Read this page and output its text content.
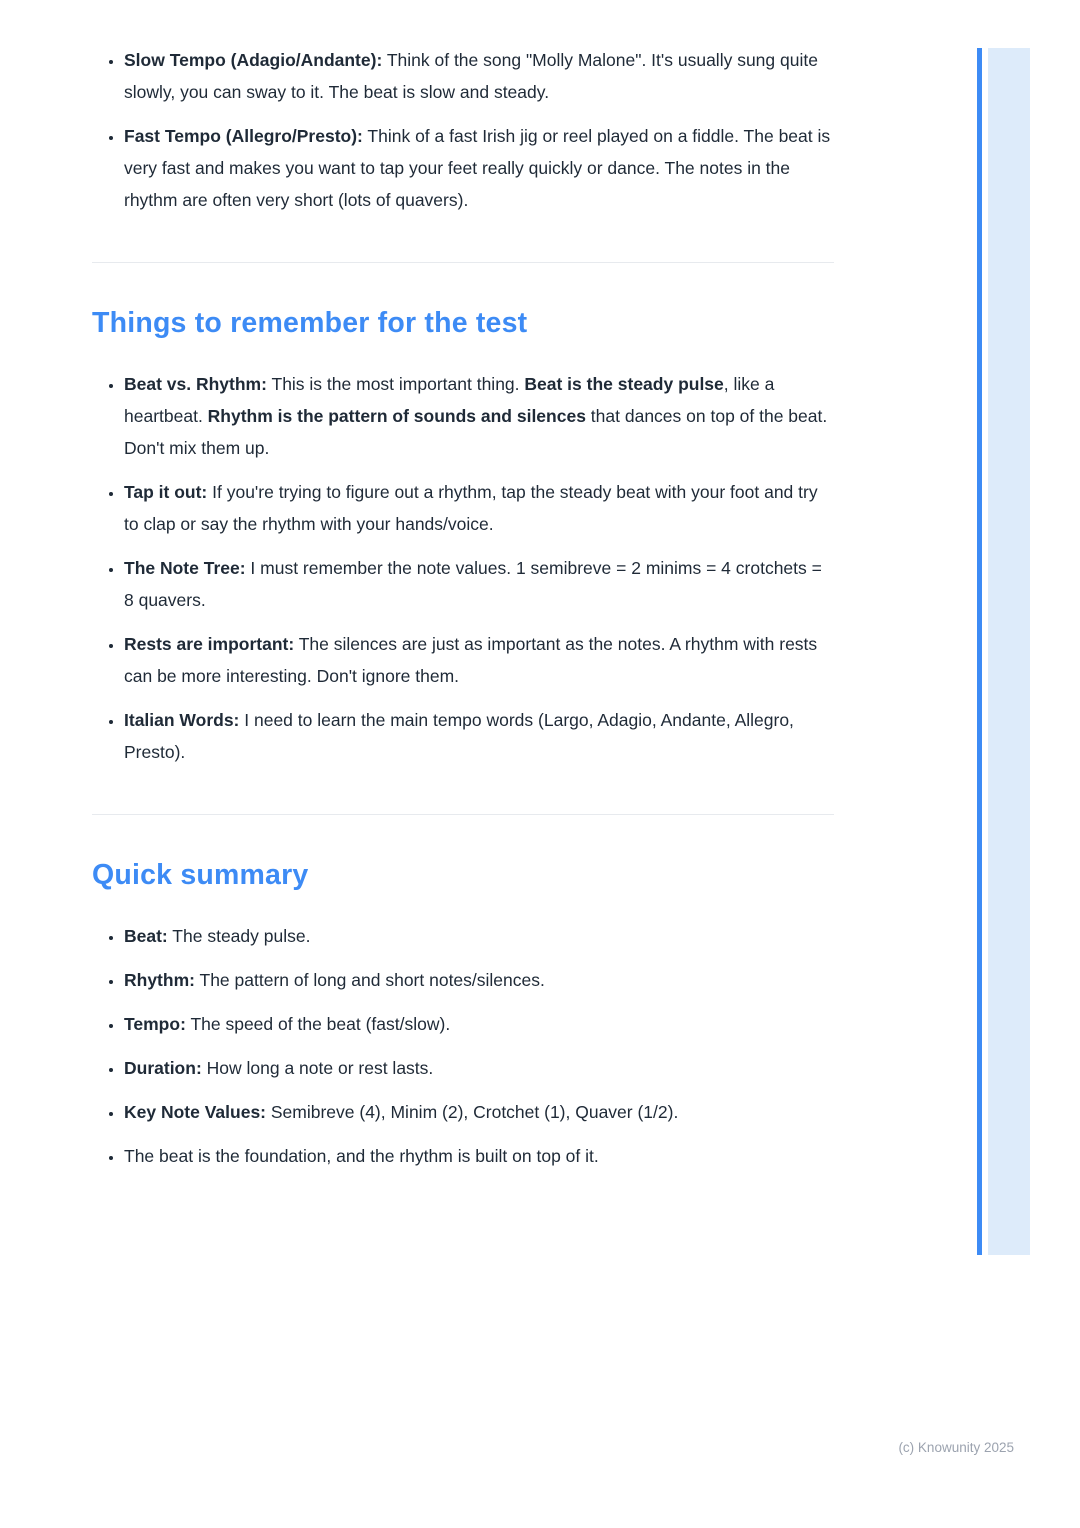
• Slow Tempo (Adagio/Andante): Think of the song "Molly Malone". It's usually sung quite slowly, you can sway to it. The beat is slow and steady.
• Fast Tempo (Allegro/Presto): Think of a fast Irish jig or reel played on a fiddle. The beat is very fast and makes you want to tap your feet really quickly or dance. The notes in the rhythm are often very short (lots of quavers).
Things to remember for the test
• Beat vs. Rhythm: This is the most important thing. Beat is the steady pulse, like a heartbeat. Rhythm is the pattern of sounds and silences that dances on top of the beat. Don't mix them up.
• Tap it out: If you're trying to figure out a rhythm, tap the steady beat with your foot and try to clap or say the rhythm with your hands/voice.
• The Note Tree: I must remember the note values. 1 semibreve = 2 minims = 4 crotchets = 8 quavers.
• Rests are important: The silences are just as important as the notes. A rhythm with rests can be more interesting. Don't ignore them.
• Italian Words: I need to learn the main tempo words (Largo, Adagio, Andante, Allegro, Presto).
Quick summary
• Beat: The steady pulse.
• Rhythm: The pattern of long and short notes/silences.
• Tempo: The speed of the beat (fast/slow).
• Duration: How long a note or rest lasts.
• Key Note Values: Semibreve (4), Minim (2), Crotchet (1), Quaver (1/2).
• The beat is the foundation, and the rhythm is built on top of it.
(c) Knowunity 2025
